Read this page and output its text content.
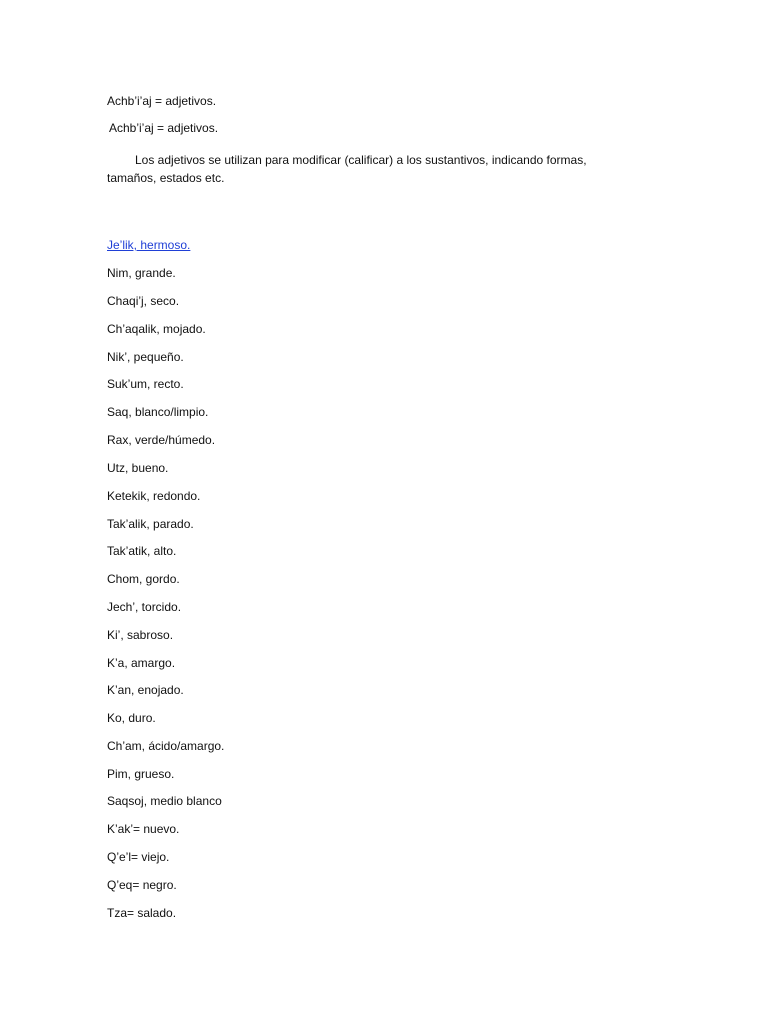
Achb’i’aj = adjetivos.
Achb’i’aj = adjetivos.
Los adjetivos se utilizan para modificar (calificar) a los sustantivos, indicando formas, tamaños, estados etc.
Je’lik, hermoso.
Nim, grande.
Chaqi’j, seco.
Ch’aqalik, mojado.
Nik’, pequeño.
Suk’um, recto.
Saq, blanco/limpio.
Rax, verde/húmedo.
Utz, bueno.
Ketekik, redondo.
Tak’alik, parado.
Tak’atik, alto.
Chom, gordo.
Jech’, torcido.
Ki’, sabroso.
K’a, amargo.
K’an, enojado.
Ko, duro.
Ch’am, ácido/amargo.
Pim, grueso.
Saqsoj, medio blanco
K’ak’= nuevo.
Q’e’l= viejo.
Q’eq= negro.
Tza= salado.
